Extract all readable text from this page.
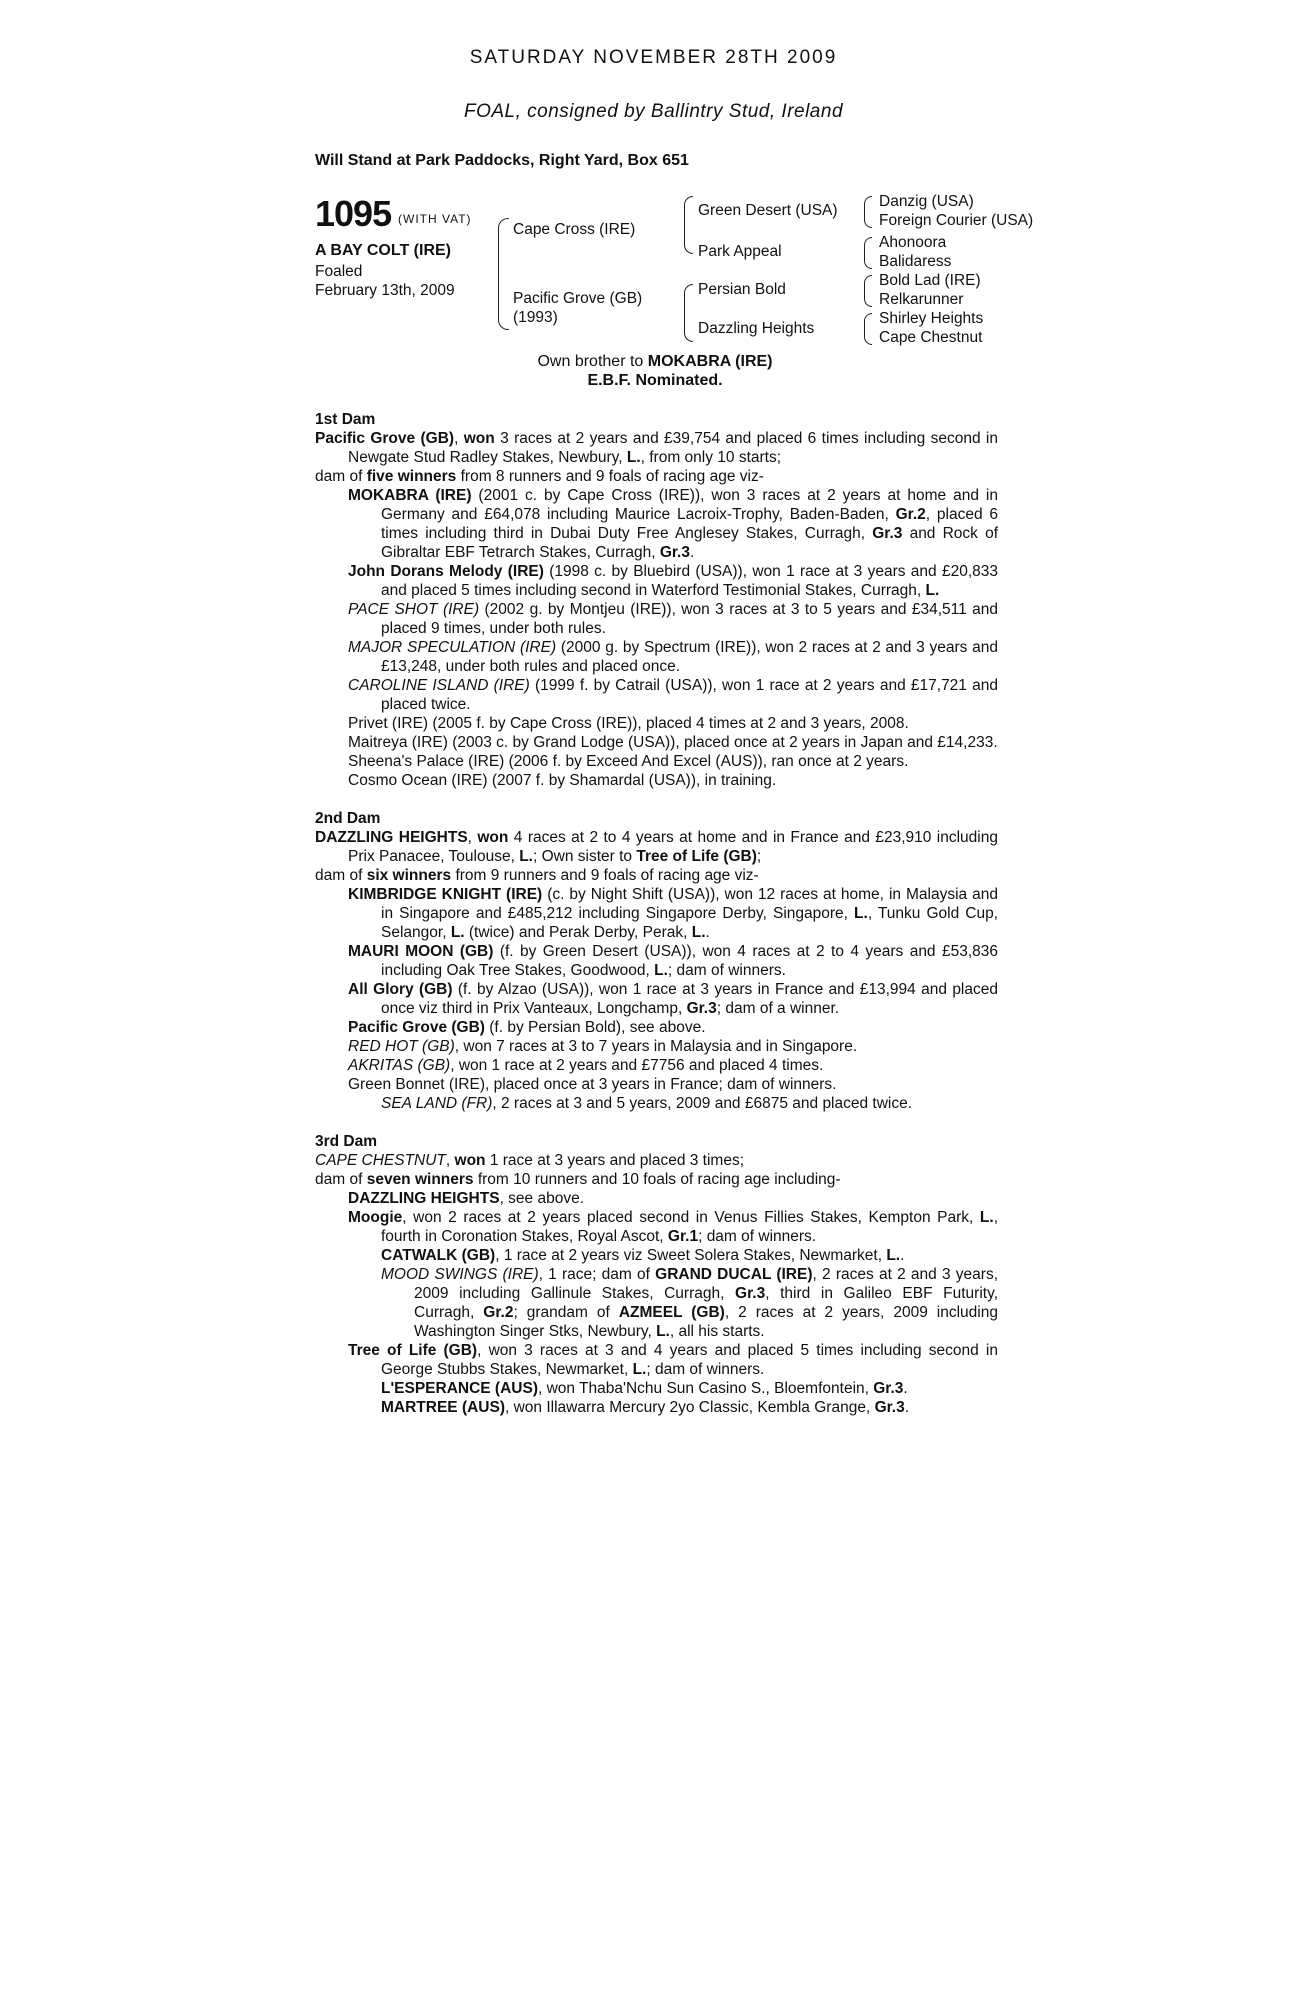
SATURDAY NOVEMBER 28TH 2009
FOAL, consigned by Ballintry Stud, Ireland
Will Stand at Park Paddocks, Right Yard, Box 651
1095 (WITH VAT)
A BAY COLT (IRE)
Foaled
February 13th, 2009
Cape Cross (IRE)
Pacific Grove (GB)
(1993)
Green Desert (USA)
Park Appeal
Persian Bold
Dazzling Heights
Danzig (USA)
Foreign Courier (USA)
Ahonoora
Balidaress
Bold Lad (IRE)
Relkarunner
Shirley Heights
Cape Chestnut
Own brother to MOKABRA (IRE)
E.B.F. Nominated.
1st Dam

Pacific Grove (GB), won 3 races at 2 years and £39,754 and placed 6 times including second in Newgate Stud Radley Stakes, Newbury, L., from only 10 starts;

dam of five winners from 8 runners and 9 foals of racing age viz-

MOKABRA (IRE) (2001 c. by Cape Cross (IRE)), won 3 races at 2 years at home and in Germany and £64,078 including Maurice Lacroix-Trophy, Baden-Baden, Gr.2, placed 6 times including third in Dubai Duty Free Anglesey Stakes, Curragh, Gr.3 and Rock of Gibraltar EBF Tetrarch Stakes, Curragh, Gr.3.

John Dorans Melody (IRE) (1998 c. by Bluebird (USA)), won 1 race at 3 years and £20,833 and placed 5 times including second in Waterford Testimonial Stakes, Curragh, L.

PACE SHOT (IRE) (2002 g. by Montjeu (IRE)), won 3 races at 3 to 5 years and £34,511 and placed 9 times, under both rules.

MAJOR SPECULATION (IRE) (2000 g. by Spectrum (IRE)), won 2 races at 2 and 3 years and £13,248, under both rules and placed once.

CAROLINE ISLAND (IRE) (1999 f. by Catrail (USA)), won 1 race at 2 years and £17,721 and placed twice.

Privet (IRE) (2005 f. by Cape Cross (IRE)), placed 4 times at 2 and 3 years, 2008.

Maitreya (IRE) (2003 c. by Grand Lodge (USA)), placed once at 2 years in Japan and £14,233.

Sheena's Palace (IRE) (2006 f. by Exceed And Excel (AUS)), ran once at 2 years.

Cosmo Ocean (IRE) (2007 f. by Shamardal (USA)), in training.

2nd Dam

DAZZLING HEIGHTS, won 4 races at 2 to 4 years at home and in France and £23,910 including Prix Panacee, Toulouse, L.; Own sister to Tree of Life (GB);

dam of six winners from 9 runners and 9 foals of racing age viz-

KIMBRIDGE KNIGHT (IRE) (c. by Night Shift (USA)), won 12 races at home, in Malaysia and in Singapore and £485,212 including Singapore Derby, Singapore, L., Tunku Gold Cup, Selangor, L. (twice) and Perak Derby, Perak, L..

MAURI MOON (GB) (f. by Green Desert (USA)), won 4 races at 2 to 4 years and £53,836 including Oak Tree Stakes, Goodwood, L.; dam of winners.

All Glory (GB) (f. by Alzao (USA)), won 1 race at 3 years in France and £13,994 and placed once viz third in Prix Vanteaux, Longchamp, Gr.3; dam of a winner.

Pacific Grove (GB) (f. by Persian Bold), see above.

RED HOT (GB), won 7 races at 3 to 7 years in Malaysia and in Singapore.

AKRITAS (GB), won 1 race at 2 years and £7756 and placed 4 times.

Green Bonnet (IRE), placed once at 3 years in France; dam of winners.

SEA LAND (FR), 2 races at 3 and 5 years, 2009 and £6875 and placed twice.

3rd Dam

CAPE CHESTNUT, won 1 race at 3 years and placed 3 times;

dam of seven winners from 10 runners and 10 foals of racing age including-

DAZZLING HEIGHTS, see above.

Moogie, won 2 races at 2 years placed second in Venus Fillies Stakes, Kempton Park, L., fourth in Coronation Stakes, Royal Ascot, Gr.1; dam of winners.

CATWALK (GB), 1 race at 2 years viz Sweet Solera Stakes, Newmarket, L..

MOOD SWINGS (IRE), 1 race; dam of GRAND DUCAL (IRE), 2 races at 2 and 3 years, 2009 including Gallinule Stakes, Curragh, Gr.3, third in Galileo EBF Futurity, Curragh, Gr.2; grandam of AZMEEL (GB), 2 races at 2 years, 2009 including Washington Singer Stks, Newbury, L., all his starts.

Tree of Life (GB), won 3 races at 3 and 4 years and placed 5 times including second in George Stubbs Stakes, Newmarket, L.; dam of winners.

L'ESPERANCE (AUS), won Thaba'Nchu Sun Casino S., Bloemfontein, Gr.3.

MARTREE (AUS), won Illawarra Mercury 2yo Classic, Kembla Grange, Gr.3.
